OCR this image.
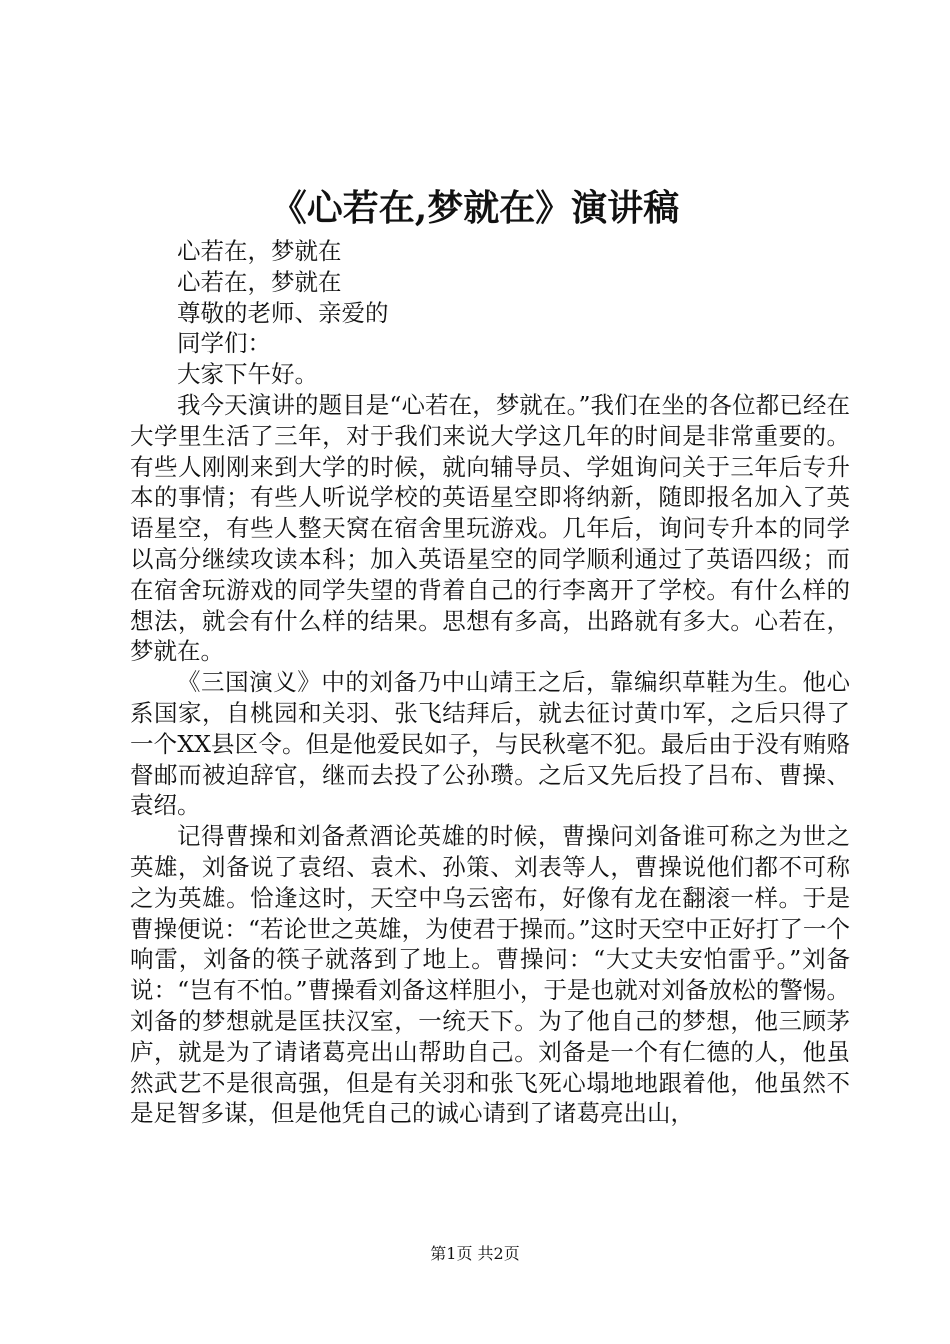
《心若在,梦就在》演讲稿

心若在，梦就在

心若在，梦就在

尊敬的老师、亲爱的

同学们：

大家下午好。

我今天演讲的题目是“心若在，梦就在。”我们在坐的各位都已经在大学里生活了三年，对于我们来说大学这几年的时间是非常重要的。有些人刚刚来到大学的时候，就向辅导员、学姐询问关于三年后专升本的事情；有些人听说学校的英语星空即将纳新，随即报名加入了英语星空，有些人整天窝在宿舍里玩游戏。几年后，询问专升本的同学以高分继续攻读本科；加入英语星空的同学顺利通过了英语四级；而在宿舍玩游戏的同学失望的背着自己的行李离开了学校。有什么样的想法，就会有什么样的结果。思想有多高，出路就有多大。心若在，梦就在。

《三国演义》中的刘备乃中山靖王之后，靠编织草鞋为生。他心系国家，自桃园和关羽、张飞结拜后，就去征讨黄巾军，之后只得了一个XX县区令。但是他爱民如子，与民秋毫不犯。最后由于没有贿赂督邮而被迫辞官，继而去投了公孙瓒。之后又先后投了吕布、曹操、袁绍。

记得曹操和刘备煮酒论英雄的时候，曹操问刘备谁可称之为世之英雄，刘备说了袁绍、袁术、孙策、刘表等人，曹操说他们都不可称之为英雄。恰逢这时，天空中乌云密布，好像有龙在翻滚一样。于是曹操便说：“若论世之英雄，为使君于操而。”这时天空中正好打了一个响雷，刘备的筷子就落到了地上。曹操问：“大丈夫安怕雷乎。”刘备说：“岂有不怕。”曹操看刘备这样胆小，于是也就对刘备放松的警惕。刘备的梦想就是匡扶汉室，一统天下。为了他自己的梦想，他三顾茅庐，就是为了请诸葛亮出山帮助自己。刘备是一个有仁德的人，他虽然武艺不是很高强，但是有关羽和张飞死心塌地地跟着他，他虽然不是足智多谋，但是他凭自己的诚心请到了诸葛亮出山，

第1页 共2页
